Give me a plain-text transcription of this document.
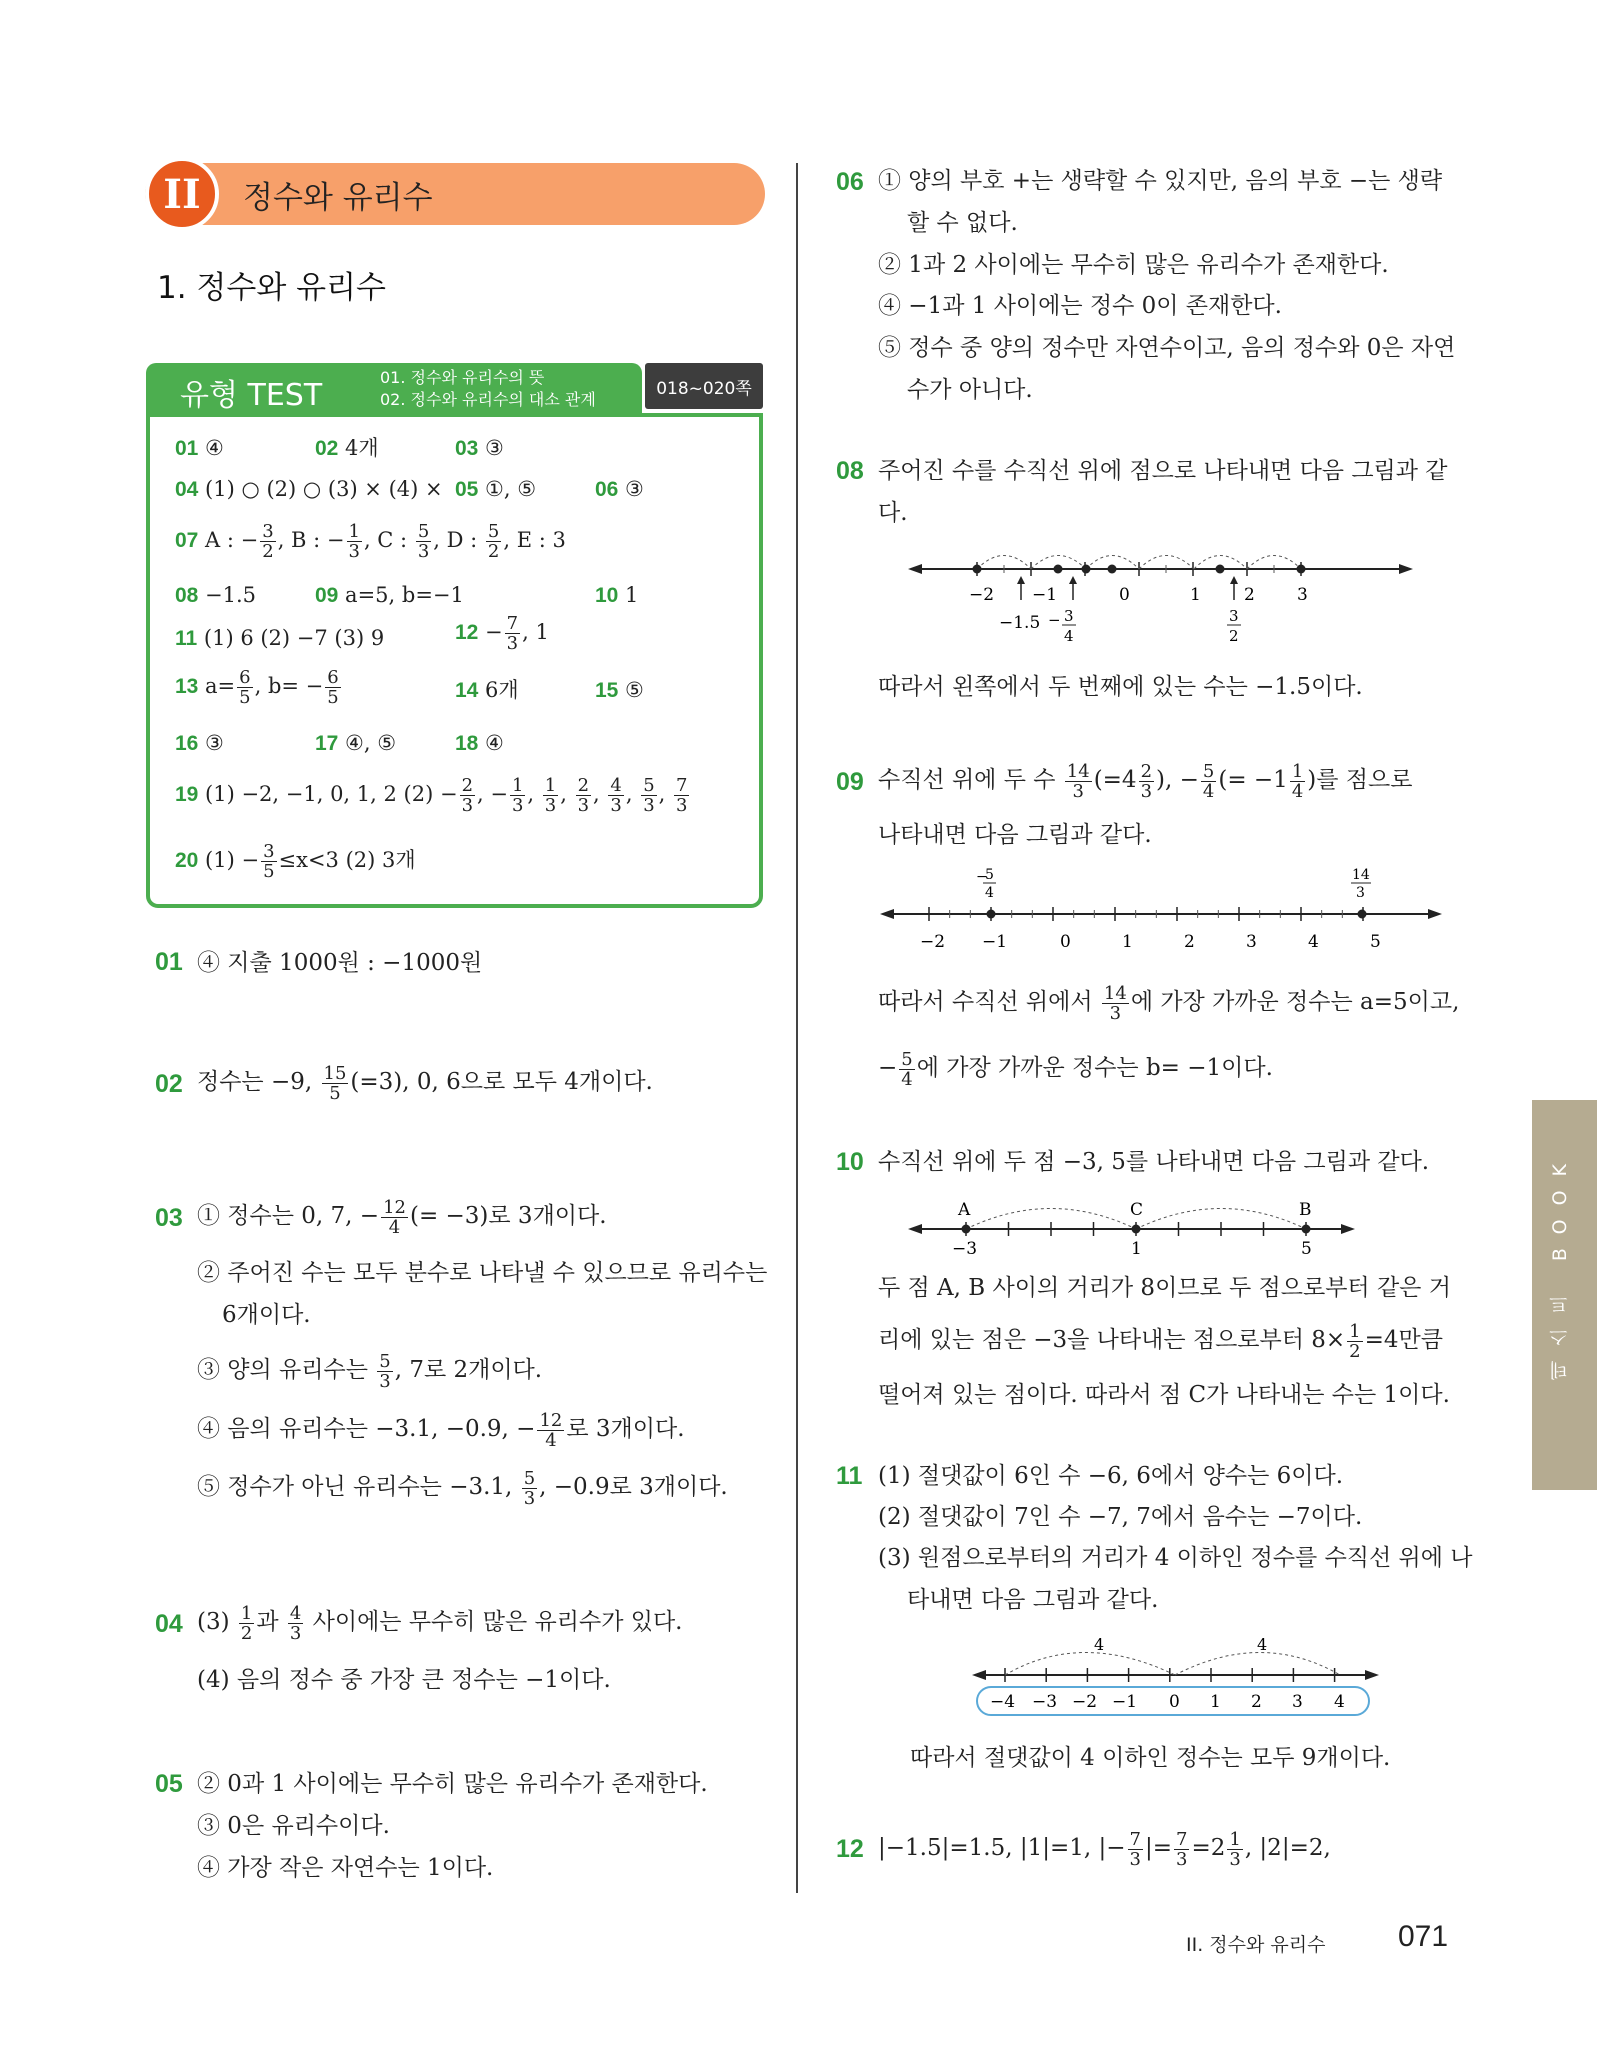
II	정수와 유리수
1. 정수와 유리수
유형 TEST
01. 정수와 유리수의 뜻
02. 정수와 유리수의 대소 관계
018~020쪽
01 ④	02 4개	03 ③
04 (1) ○ (2) ○ (3) × (4) × 05 ①, ⑤	06 ③
07 A : − $\frac{3}{2}$ , B : − $\frac{1}{3}$ , C : $\frac{5}{3}$ , D : $\frac{5}{2}$ , E : 3
08 −1.5	09 a=5, b=−1	10 1
11 (1) 6 (2) −7 (3) 9	$12 - \frac{7}{3}$ , 1
13 $a= \frac{6}{5}$ , $b= - \frac{6}{5}$	14 6개	15 ⑤
16 ③	17 ④, ⑤	18 ④
19 (1) −2, −1, 0, 1, 2 $(2) - \frac{2}{3}$ , − $\frac{1}{3}$ , $\frac{1}{3}$ , $\frac{2}{3}$ , $\frac{4}{3}$ , $\frac{5}{3}$ , $\frac{7}{3}$
20 $(1) - \frac{3}{5} \le x<3$ (2) 3개
01 ④ 지출 1000원 : −1000원
02 정수는 −9, $\frac{15}{5} (=3)$, 0, 6으로 모두 4개이다.
03 ① 정수는 0, 7, − $\frac{12}{4}$ (= −3)로 3개이다.
② 주어진 수는 모두 분수로 나타낼 수 있으므로 유리수는
6개이다.
③ 양의 유리수는 $\frac{5}{3}$ , 7로 2개이다.
④ 음의 유리수는 −3.1, −0.9, − $\frac{12}{4}$ 로 3개이다.
⑤ 정수가 아닌 유리수는 −3.1, $\frac{5}{3}$ , −0.9로 3개이다.
04 $(3) \frac{1}{2}$ 과 $\frac{4}{3}$ 사이에는 무수히 많은 유리수가 있다.
(4) 음의 정수 중 가장 큰 정수는 −1이다.
05 ② 0과 1 사이에는 무수히 많은 유리수가 존재한다.
③ 0은 유리수이다.
④ 가장 작은 자연수는 1이다.
06 ① 양의 부호 +는 생략할 수 있지만, 음의 부호 −는 생략
할 수 없다.
② 1과 2 사이에는 무수히 많은 유리수가 존재한다.
④ −1과 1 사이에는 정수 0이 존재한다.
⑤ 정수 중 양의 정수만 자연수이고, 음의 정수와 0은 자연
수가 아니다.
08 주어진 수를 수직선 위에 점으로 나타내면 다음 그림과 같
다.
−2 −1	0	1	2 3
−1.5 − 3
4
3
2
따라서 왼쪽에서 두 번째에 있는 수는 −1.5이다.
09 수직선 위에 두 수 $\frac{14}{3} (=4 \frac{2}{3}$ ), − $\frac{5}{4}$ (= $-1 \frac{1}{4}$ )를 점으로
나타내면 다음 그림과 같다.
−
5
4
14
3
−2 −1	0	1	2	3	4	5
따라서 수직선 위에서 $\frac{14}{3}$ 에 가장 가까운 정수는 a=5이고,
− $\frac{5}{4}$ 에 가장 가까운 정수는 b= −1이다.
10 수직선 위에 두 점 −3, 5를 나타내면 다음 그림과 같다.
A	C	B
−3	1	5
두 점 A, B 사이의 거리가 8이므로 두 점으로부터 같은 거
리에 있는 점은 −3을 나타내는 점으로부터 $8\times \frac{1}{2} =4$만큼
떨어져 있는 점이다. 따라서 점 C가 나타내는 수는 1이다.
11 (1) 절댓값이 6인 수 −6, 6에서 양수는 6이다.
(2) 절댓값이 7인 수 −7, 7에서 음수는 −7이다.
(3) 원점으로부터의 거리가 4 이하인 정수를 수직선 위에 나
타내면 다음 그림과 같다.
4	4
−4 −3 −2 −1 0 1 2 3 4
따라서 절댓값이 4 이하인 정수는 모두 9개이다.
12 |−1.5|=1.5, |1|=1, |− $\frac{7}{3}$ |= $\frac{7}{3} =2 \frac{1}{3}$ , |2|=2,
테스트 BOOK
II. 정수와 유리수 071
